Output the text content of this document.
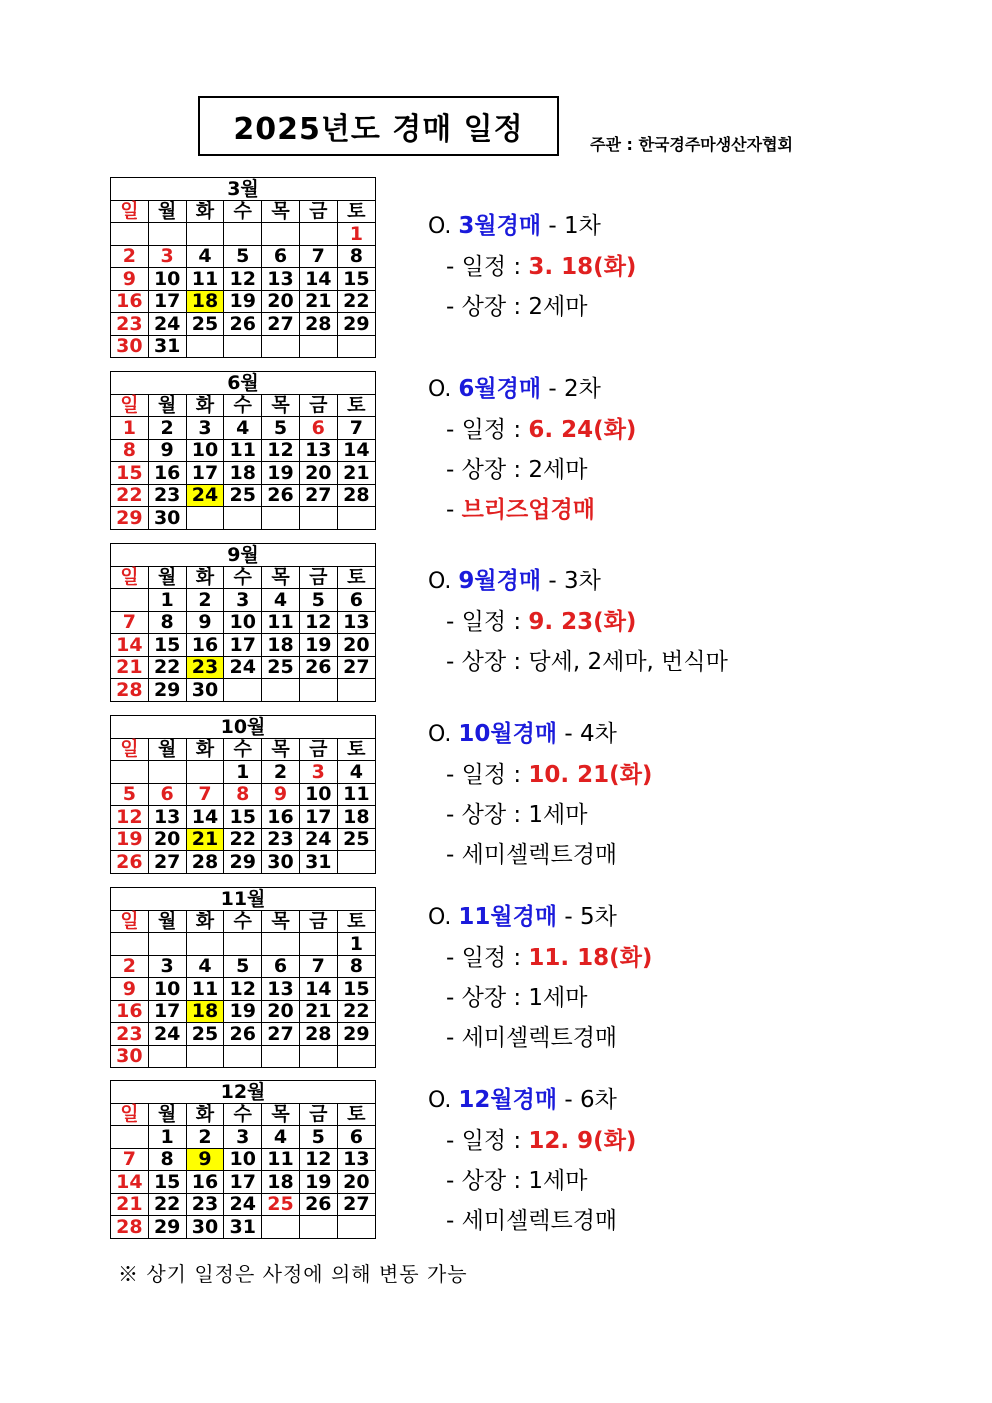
2025년도 경매 일정	주관 : 한국경주마생산자협회
3월						
일	월	화	수	목	금	토
						1
2	3	4	5	6	7	8
9	10	11	12	13	14	15
16	17	18	19	20	21	22
23	24	25	26	27	28	29
30	31					
6월						
일	월	화	수	목	금	토
1	2	3	4	5	6	7
8	9	10	11	12	13	14
15	16	17	18	19	20	21
22	23	24	25	26	27	28
29	30					
9월						
일	월	화	수	목	금	토
	1	2	3	4	5	6
7	8	9	10	11	12	13
14	15	16	17	18	19	20
21	22	23	24	25	26	27
28	29	30				
10월						
일	월	화	수	목	금	토
			1	2	3	4
5	6	7	8	9	10	11
12	13	14	15	16	17	18
19	20	21	22	23	24	25
26	27	28	29	30	31	
11월						
일	월	화	수	목	금	토
						1
2	3	4	5	6	7	8
9	10	11	12	13	14	15
16	17	18	19	20	21	22
23	24	25	26	27	28	29
30						
12월						
일	월	화	수	목	금	토
	1	2	3	4	5	6
7	8	9	10	11	12	13
14	15	16	17	18	19	20
21	22	23	24	25	26	27
28	29	30	31			
O. 3월경매 - 1차
- 일정 : 3. 18(화)
- 상장 : 2세마
O. 6월경매 - 2차
- 일정 : 6. 24(화)
- 상장 : 2세마
- 브리즈업경매
O. 9월경매 - 3차
- 일정 : 9. 23(화)
- 상장 : 당세, 2세마, 번식마
O. 10월경매 - 4차
- 일정 : 10. 21(화)
- 상장 : 1세마
- 세미셀렉트경매
O. 11월경매 - 5차
- 일정 : 11. 18(화)
- 상장 : 1세마
- 세미셀렉트경매
O. 12월경매 - 6차
- 일정 : 12. 9(화)
- 상장 : 1세마
- 세미셀렉트경매
※ 상기 일정은 사정에 의해 변동 가능
